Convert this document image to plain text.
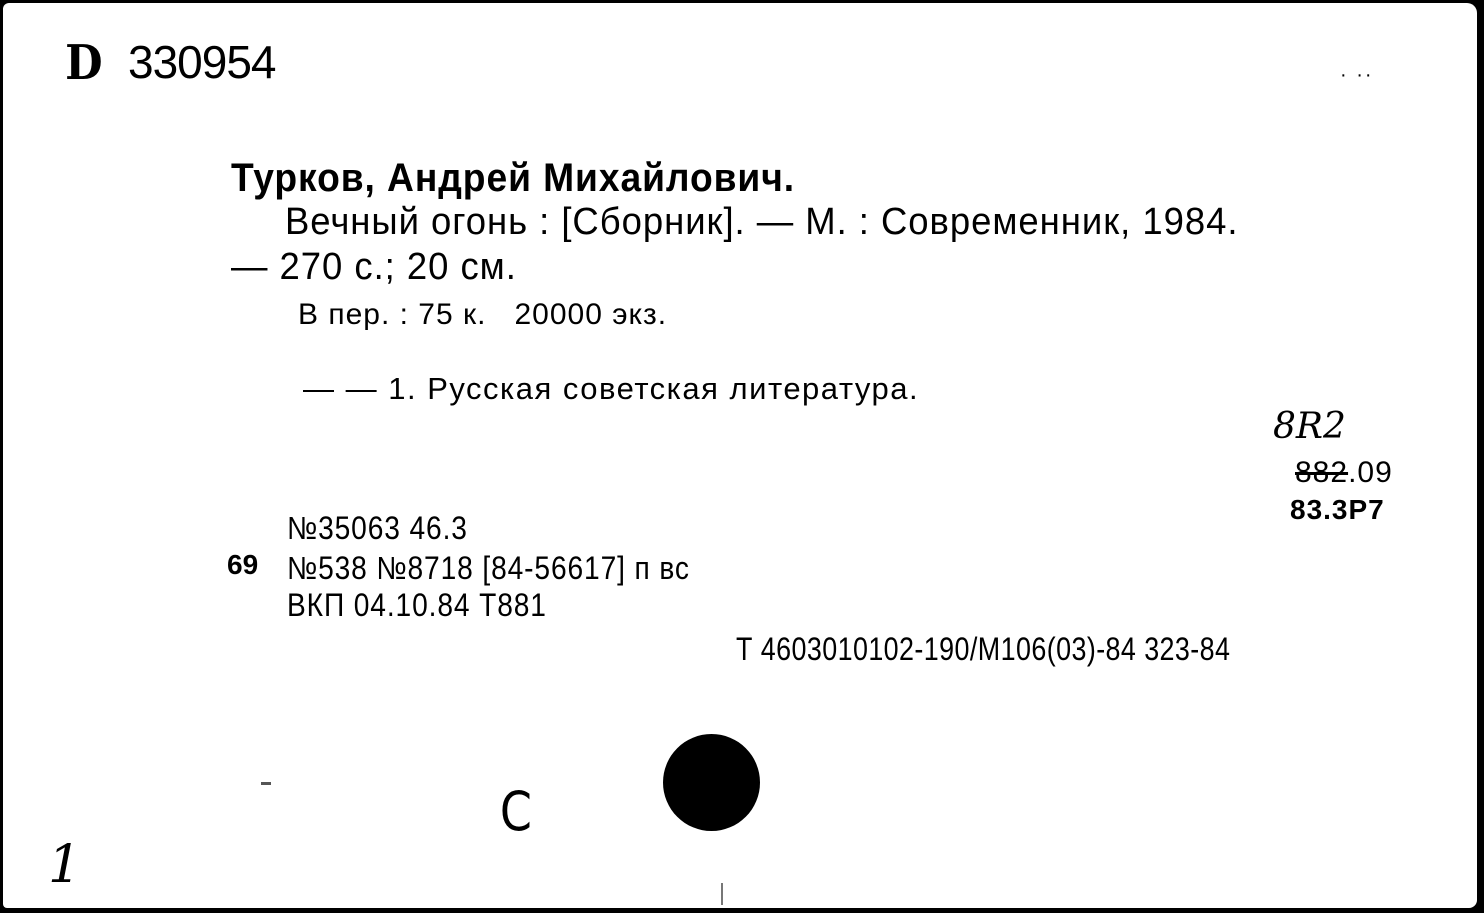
D 330954	· ··
Турков, Андрей Михайлович.
Вечный огонь : [Сборник]. — М. : Современник, 1984.
— 270 с.; 20 см.
В пер. : 75 к.   20000 экз.
— — 1. Русская советская литература.
8R2
882.09
83.3Р7
№35063 46.3
69 №538 №8718 [84-56617] п вс
ВКП 04.10.84 Т881
Т 4603010102-190/М106(03)-84 323-84
С
1
